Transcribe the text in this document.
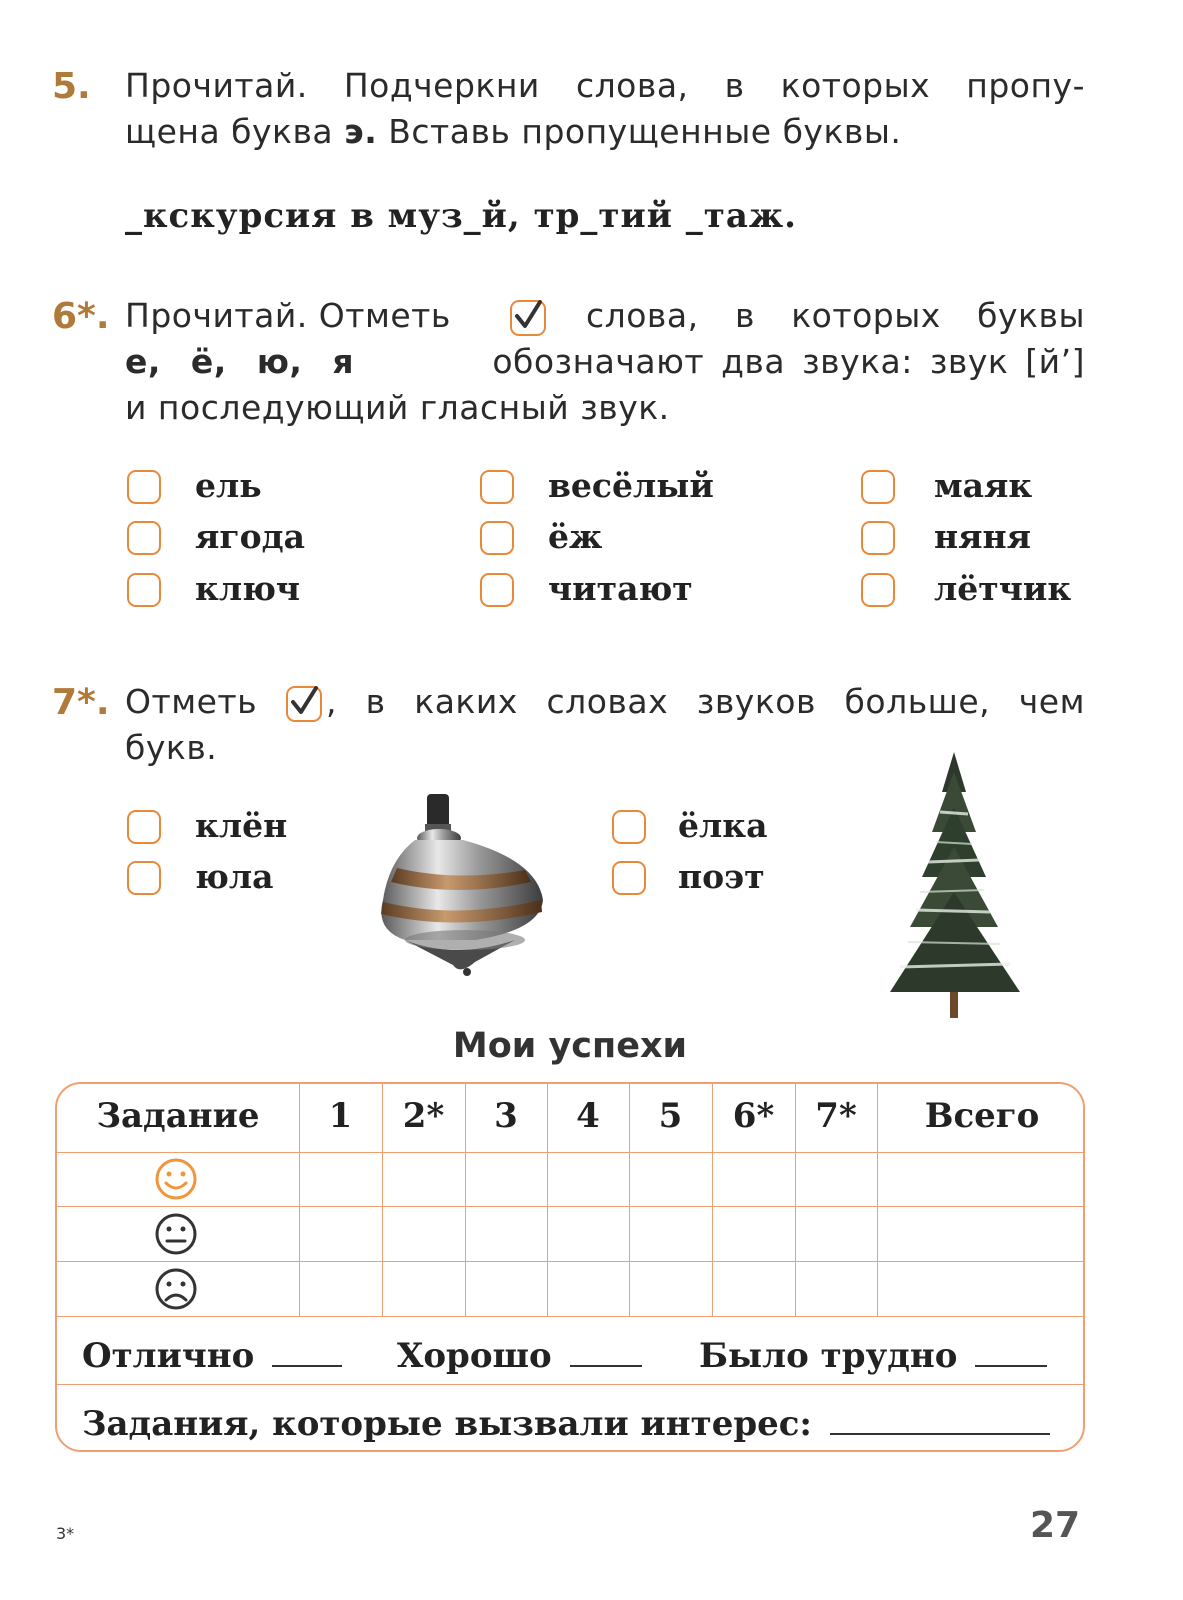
5. Прочитай. Подчеркни слова, в которых пропу-
щена буква э. Вставь пропущенные буквы.
_кскурсия в муз_й, тр_тий _таж.
6*. Прочитай. Отметь	слова, в которых буквы
е, ё, ю, я	обозначают два звука: звук [й’]
и последующий гласный звук.
ель
ягода
ключ
весёлый
ёж
читают
маяк
няня
лётчик
7*. Отметь , в каких словах звуков больше, чем
букв.
клён
юла
ёлка
поэт
Мои успехи
Задание	1	2*	3	4	5	6*	7*	Всего
Отлично	Хорошо	Было трудно
Задания, которые вызвали интерес:
3*	27
